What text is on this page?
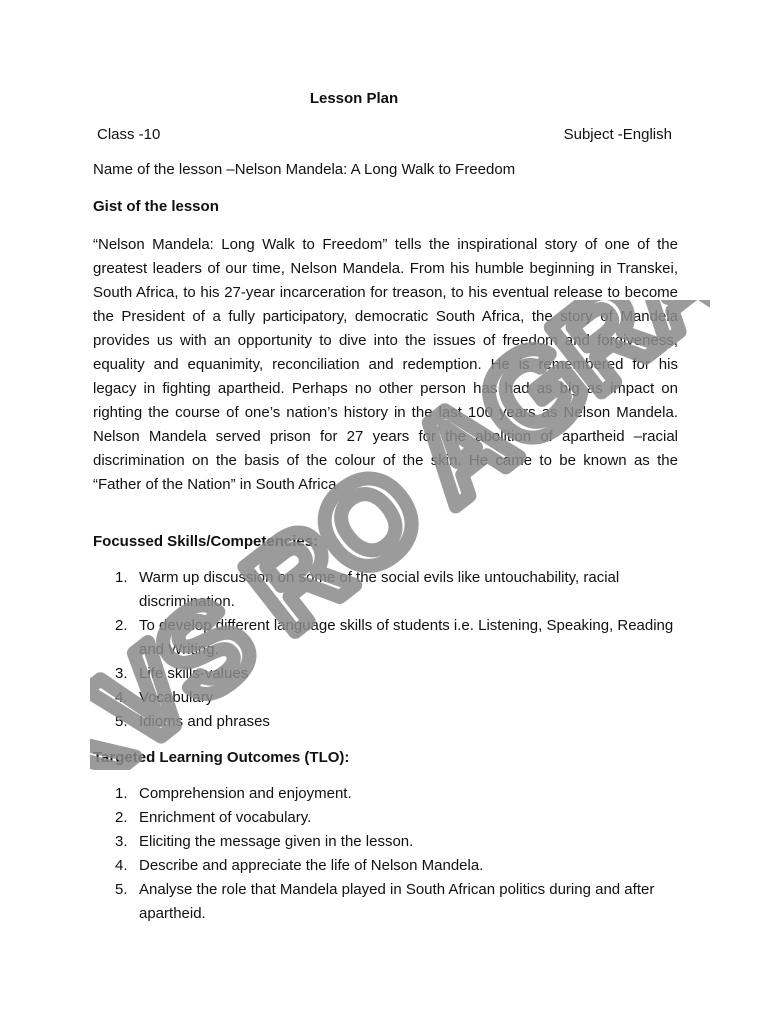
Lesson Plan
Class -10	Subject -English
Name of the lesson –Nelson Mandela: A Long Walk to Freedom
Gist of the lesson
“Nelson Mandela: Long Walk to Freedom” tells the inspirational story of one of the greatest leaders of our time, Nelson Mandela. From his humble beginning in Transkei, South Africa, to his 27-year incarceration for treason, to his eventual release to become the President of a fully participatory, democratic South Africa, the story of Mandela provides us with an opportunity to dive into the issues of freedom and forgiveness, equality and equanimity, reconciliation and redemption. He is remembered for his legacy in fighting apartheid. Perhaps no other person has had as big as impact on righting the course of one’s nation’s history in the last 100 years as Nelson Mandela. Nelson Mandela served prison for 27 years for the abolition of apartheid –racial discrimination on the basis of the colour of the skin. He came to be known as the “Father of the Nation” in South Africa
Focussed Skills/Competencies:
1. Warm up discussion on some of the social evils like untouchability, racial discrimination.
2. To develop different language skills of students i.e. Listening, Speaking, Reading and Writing.
3. Life skills-values
4. Vocabulary
5. Idioms and phrases
Targeted Learning Outcomes (TLO):
1. Comprehension and enjoyment.
2. Enrichment of vocabulary.
3. Eliciting the message given in the lesson.
4. Describe and appreciate the life of Nelson Mandela.
5. Analyse the role that Mandela played in South African politics during and after apartheid.
KVS RO AGRA
